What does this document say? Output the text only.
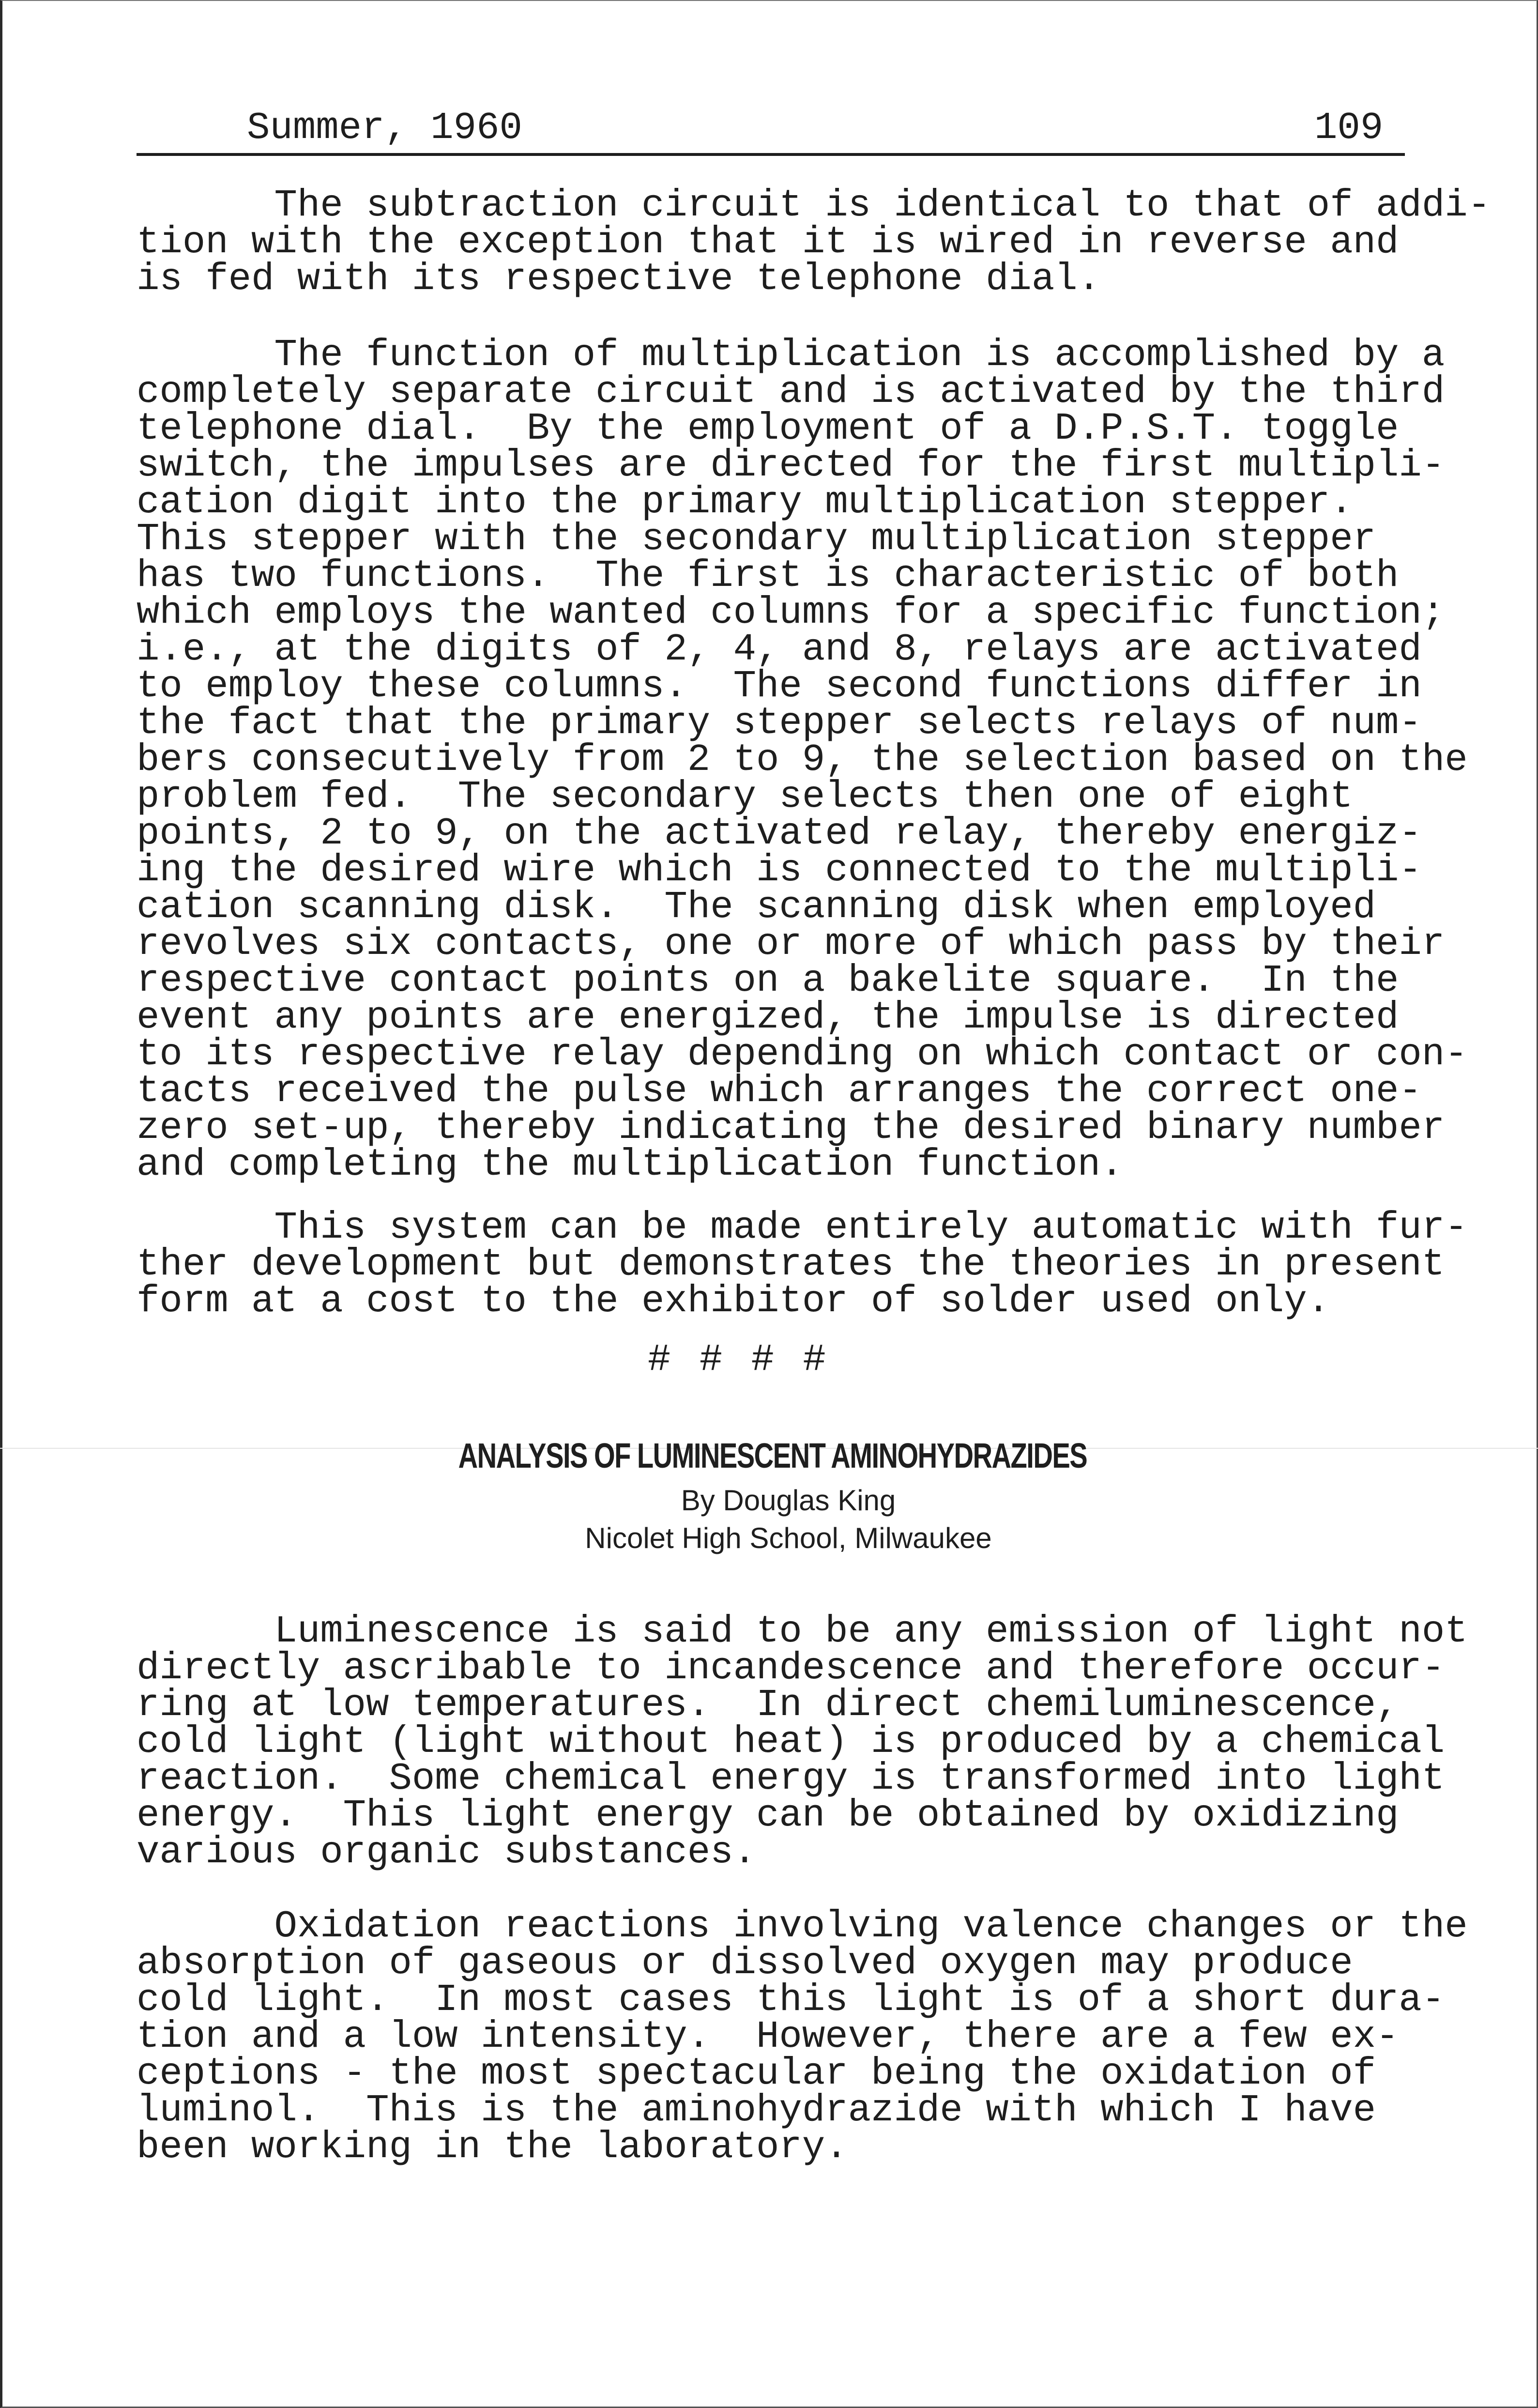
Summer, 1960	109
The subtraction circuit is identical to that of addi-
tion with the exception that it is wired in reverse and
is fed with its respective telephone dial.
The function of multiplication is accomplished by a
completely separate circuit and is activated by the third
telephone dial.  By the employment of a D.P.S.T. toggle
switch, the impulses are directed for the first multipli-
cation digit into the primary multiplication stepper.
This stepper with the secondary multiplication stepper
has two functions.  The first is characteristic of both
which employs the wanted columns for a specific function;
i.e., at the digits of 2, 4, and 8, relays are activated
to employ these columns.  The second functions differ in
the fact that the primary stepper selects relays of num-
bers consecutively from 2 to 9, the selection based on the
problem fed.  The secondary selects then one of eight
points, 2 to 9, on the activated relay, thereby energiz-
ing the desired wire which is connected to the multipli-
cation scanning disk.  The scanning disk when employed
revolves six contacts, one or more of which pass by their
respective contact points on a bakelite square.  In the
event any points are energized, the impulse is directed
to its respective relay depending on which contact or con-
tacts received the pulse which arranges the correct one-
zero set-up, thereby indicating the desired binary number
and completing the multiplication function.
This system can be made entirely automatic with fur-
ther development but demonstrates the theories in present
form at a cost to the exhibitor of solder used only.
# # # #
ANALYSIS OF LUMINESCENT AMINOHYDRAZIDES
By Douglas King
Nicolet High School, Milwaukee
Luminescence is said to be any emission of light not
directly ascribable to incandescence and therefore occur-
ring at low temperatures.  In direct chemiluminescence,
cold light (light without heat) is produced by a chemical
reaction.  Some chemical energy is transformed into light
energy.  This light energy can be obtained by oxidizing
various organic substances.
Oxidation reactions involving valence changes or the
absorption of gaseous or dissolved oxygen may produce
cold light.  In most cases this light is of a short dura-
tion and a low intensity.  However, there are a few ex-
ceptions - the most spectacular being the oxidation of
luminol.  This is the aminohydrazide with which I have
been working in the laboratory.
